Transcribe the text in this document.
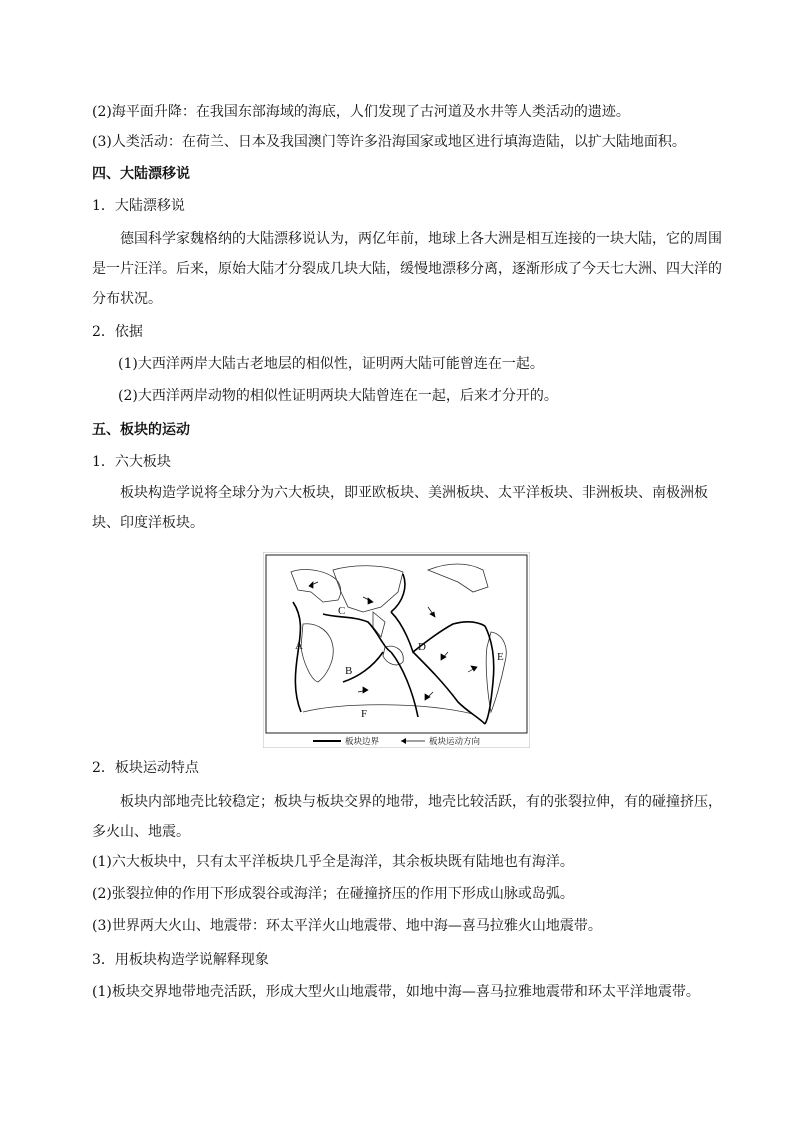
(2)海平面升降：在我国东部海域的海底，人们发现了古河道及水井等人类活动的遗迹。
(3)人类活动：在荷兰、日本及我国澳门等许多沿海国家或地区进行填海造陆，以扩大陆地面积。
四、大陆漂移说
1．大陆漂移说
德国科学家魏格纳的大陆漂移说认为，两亿年前，地球上各大洲是相互连接的一块大陆，它的周围是一片汪洋。后来，原始大陆才分裂成几块大陆，缓慢地漂移分离，逐渐形成了今天七大洲、四大洋的分布状况。
2．依据
(1)大西洋两岸大陆古老地层的相似性，证明两大陆可能曾连在一起。
(2)大西洋两岸动物的相似性证明两块大陆曾连在一起，后来才分开的。
五、板块的运动
1．六大板块
板块构造学说将全球分为六大板块，即亚欧板块、美洲板块、太平洋板块、非洲板块、南极洲板块、印度洋板块。
A
B
C
D
E
F
板块边界	板块运动方向
2．板块运动特点
板块内部地壳比较稳定；板块与板块交界的地带，地壳比较活跃，有的张裂拉伸，有的碰撞挤压，多火山、地震。
(1)六大板块中，只有太平洋板块几乎全是海洋，其余板块既有陆地也有海洋。
(2)张裂拉伸的作用下形成裂谷或海洋；在碰撞挤压的作用下形成山脉或岛弧。
(3)世界两大火山、地震带：环太平洋火山地震带、地中海—喜马拉雅火山地震带。
3．用板块构造学说解释现象
(1)板块交界地带地壳活跃，形成大型火山地震带，如地中海—喜马拉雅地震带和环太平洋地震带。
